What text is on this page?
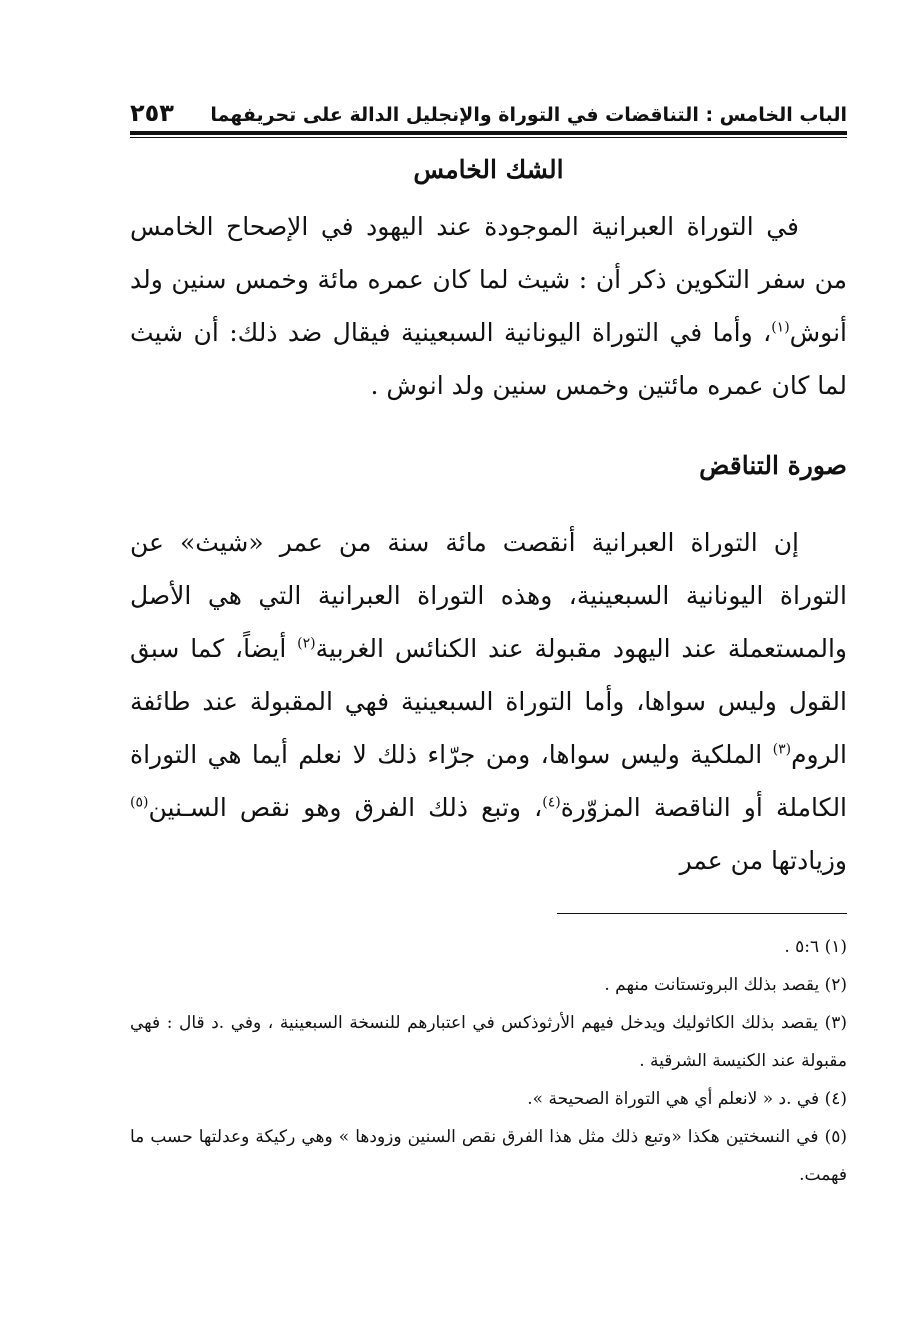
الباب الخامس : التناقضات في التوراة والإنجليل الدالة على تحريفهما
٢٥٣
الشك الخامس

في التوراة العبرانية الموجودة عند اليهود في الإصحاح الخامس من سفر التكوين ذكر أن : شيث لما كان عمره مائة وخمس سنين ولد أنوش$^{(١)}$، وأما في التوراة اليونانية السبعينية فيقال ضد ذلك: أن شيث لما كان عمره مائتين وخمس سنين ولد انوش .

صورة التناقض

إن التوراة العبرانية أنقصت مائة سنة من عمر «شيث» عن التوراة اليونانية السبعينية، وهذه التوراة العبرانية التي هي الأصل والمستعملة عند اليهود مقبولة عند الكنائس الغربية$^{(٢)}$ أيضاً، كما سبق القول وليس سواها، وأما التوراة السبعينية فهي المقبولة عند طائفة الروم$^{(٣)}$ الملكية وليس سواها، ومن جرّاء ذلك لا نعلم أيما هي التوراة الكاملة أو الناقصة المزوّرة$^{(٤)}$، وتبع ذلك الفرق وهو نقص السـنين$^{(٥)}$ وزيادتها من عمر

(١) ٥:٦ .

(٢) يقصد بذلك البروتستانت منهم .

(٣) يقصد بذلك الكاثوليك ويدخل فيهم الأرثوذكس في اعتبارهم للنسخة السبعينية ، وفي .د قال : فهي مقبولة عند الكنيسة الشرقية .

(٤) في .د « لانعلم أي هي التوراة الصحيحة ».

(٥) في النسختين هكذا «وتبع ذلك مثل هذا الفرق نقص السنين وزودها » وهي ركيكة وعدلتها حسب ما فهمت.
